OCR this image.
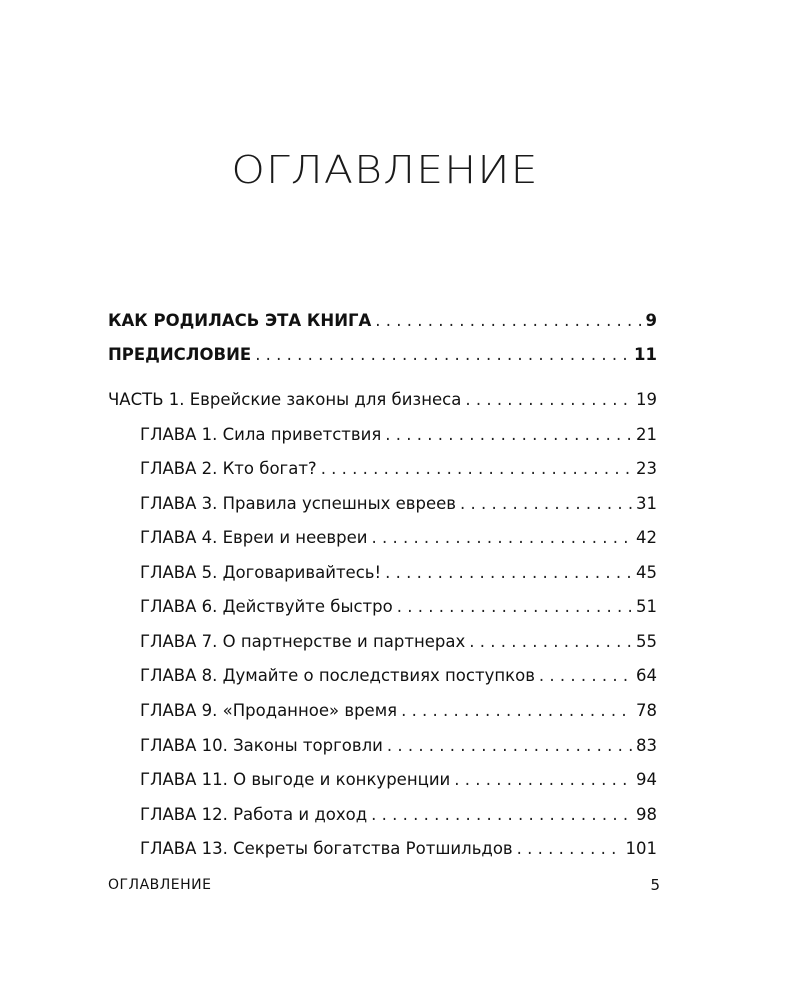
ОГЛАВЛЕНИЕ
КАК РОДИЛАСЬ ЭТА КНИГА . . .	9
ПРЕДИСЛОВИЕ . . .	11
ЧАСТЬ 1. Еврейские законы для бизнеса . . .	19
ГЛАВА 1. Сила приветствия . . .	21
ГЛАВА 2. Кто богат? . . .	23
ГЛАВА 3. Правила успешных евреев . . .	31
ГЛАВА 4. Евреи и неевреи . . .	42
ГЛАВА 5. Договаривайтесь! . . .	45
ГЛАВА 6. Действуйте быстро . . .	51
ГЛАВА 7. О партнерстве и партнерах . . .	55
ГЛАВА 8. Думайте о последствиях поступков . . .	64
ГЛАВА 9. «Проданное» время . . .	78
ГЛАВА 10. Законы торговли . . .	83
ГЛАВА 11. О выгоде и конкуренции . . .	94
ГЛАВА 12. Работа и доход . . .	98
ГЛАВА 13. Секреты богатства Ротшильдов . . .	101
ОГЛАВЛЕНИЕ	5
